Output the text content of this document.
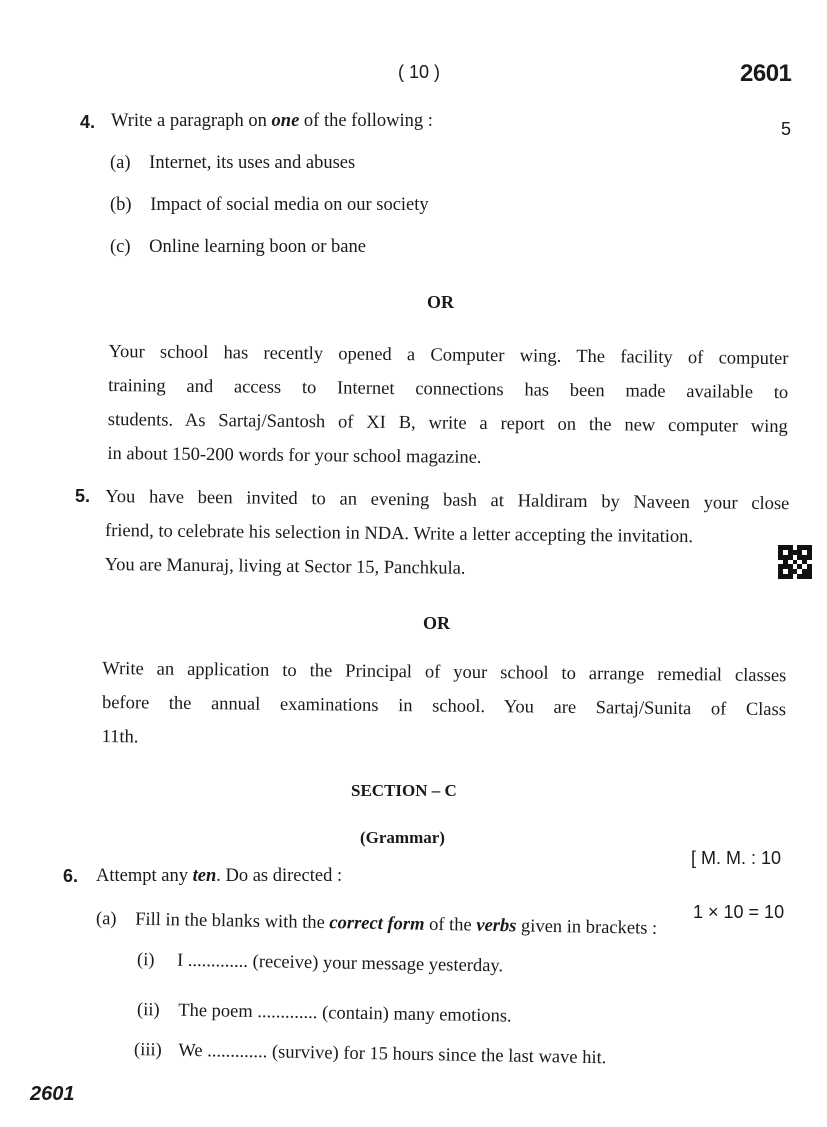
( 10 )	2601
4. Write a paragraph on one of the following :	5
(a) Internet, its uses and abuses
(b) Impact of social media on our society
(c) Online learning boon or bane
OR
Your school has recently opened a Computer wing. The facility of computer
training and access to Internet connections has been made available to
students. As Sartaj/Santosh of XI B, write a report on the new computer wing
in about 150-200 words for your school magazine.
5. You have been invited to an evening bash at Haldiram by Naveen your close
friend, to celebrate his selection in NDA. Write a letter accepting the invitation.
You are Manuraj, living at Sector 15, Panchkula.
OR
Write an application to the Principal of your school to arrange remedial classes
before the annual examinations in school. You are Sartaj/Sunita of Class
11th.
SECTION – C
(Grammar)
[ M. M. : 10
6. Attempt any ten. Do as directed :
1 × 10 = 10
(a) Fill in the blanks with the correct form of the verbs given in brackets :
(i) I ............. (receive) your message yesterday.
(ii) The poem ............. (contain) many emotions.
(iii) We ............. (survive) for 15 hours since the last wave hit.
2601
